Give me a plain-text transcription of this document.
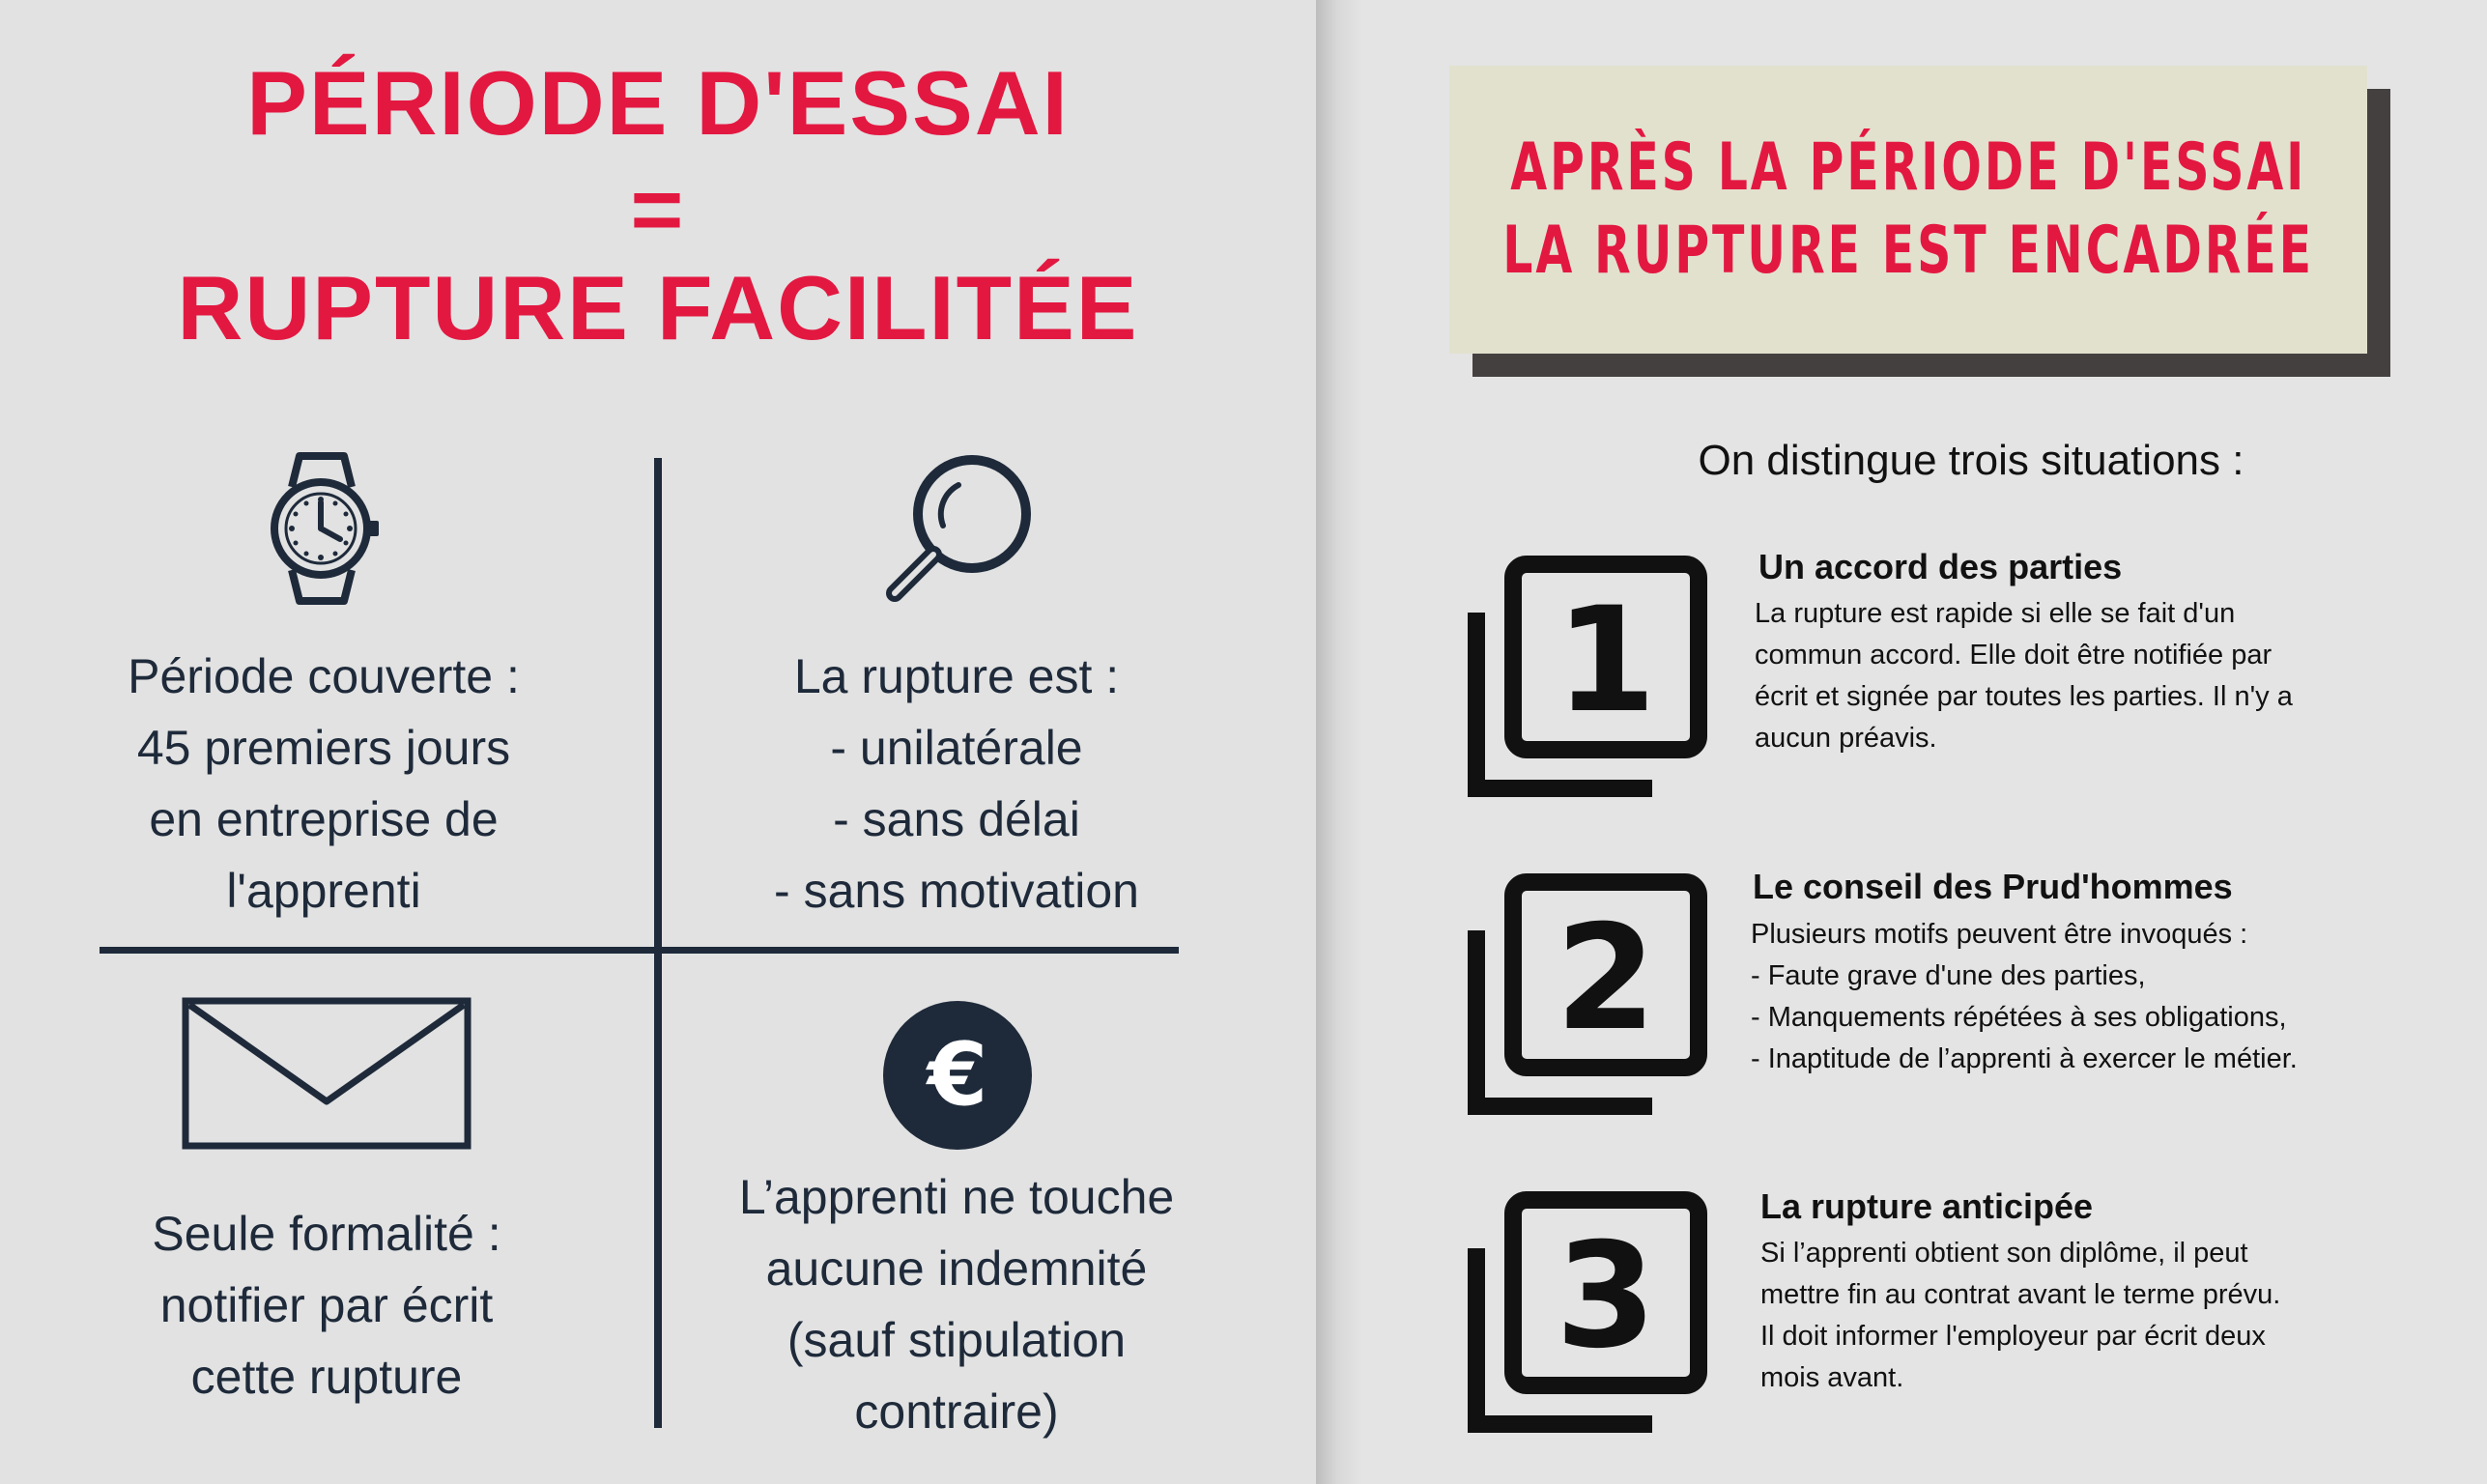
PÉRIODE D'ESSAI
=
RUPTURE FACILITÉE
€
Période couverte :
45 premiers jours
en entreprise de
l'apprenti
La rupture est :
- unilatérale
- sans délai
- sans motivation
Seule formalité :
notifier par écrit
cette rupture
L’apprenti ne touche
aucune indemnité
(sauf stipulation
contraire)
APRÈS LA PÉRIODE D'ESSAI
LA RUPTURE EST ENCADRÉE

On distingue trois situations :

1

Un accord des parties

La rupture est rapide si elle se fait d'un
commun accord. Elle doit être notifiée par
écrit et signée par toutes les parties. Il n'y a
aucun préavis.
2

Le conseil des Prud'hommes

Plusieurs motifs peuvent être invoqués :
- Faute grave d'une des parties,
- Manquements répétées à ses obligations,
- Inaptitude de l’apprenti à exercer le métier.
3

La rupture anticipée

Si l’apprenti obtient son diplôme, il peut
mettre fin au contrat avant le terme prévu.
Il doit informer l'employeur par écrit deux
mois avant.
